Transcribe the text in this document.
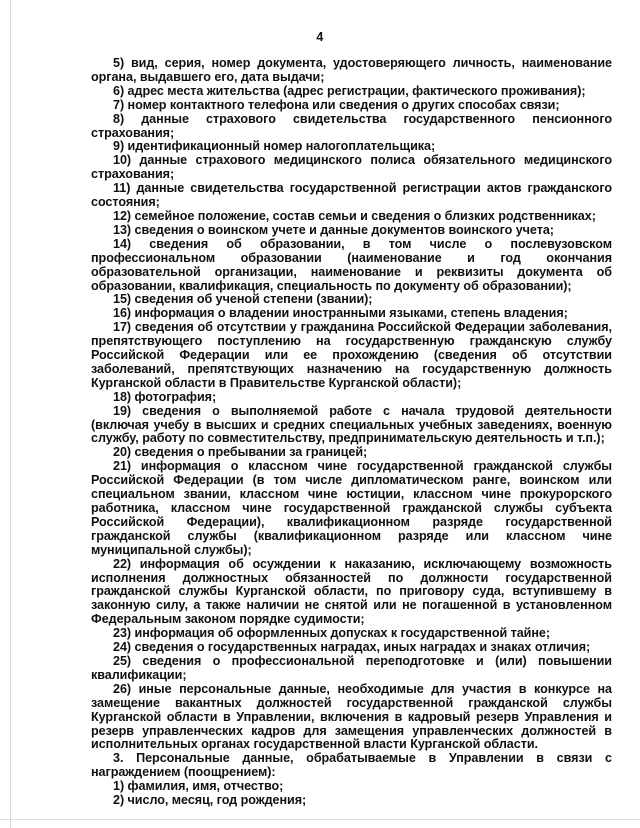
4

5) вид, серия, номер документа, удостоверяющего личность, наименование органа, выдавшего его, дата выдачи;

6) адрес места жительства (адрес регистрации, фактического проживания);

7) номер контактного телефона или сведения о других способах связи;

8) данные страхового свидетельства государственного пенсионного страхования;

9) идентификационный номер налогоплательщика;

10) данные страхового медицинского полиса обязательного медицинского страхования;

11) данные свидетельства государственной регистрации актов гражданского состояния;

12) семейное положение, состав семьи и сведения о близких родственниках;

13) сведения о воинском учете и данные документов воинского учета;

14) сведения об образовании, в том числе о послевузовском профессиональном образовании (наименование и год окончания образовательной организации, наименование и реквизиты документа об образовании, квалификация, специальность по документу об образовании);

15) сведения об ученой степени (звании);

16) информация о владении иностранными языками, степень владения;

17) сведения об отсутствии у гражданина Российской Федерации заболевания, препятствующего поступлению на государственную гражданскую службу Российской Федерации или ее прохождению (сведения об отсутствии заболеваний, препятствующих назначению на государственную должность Курганской области в Правительстве Курганской области);

18) фотография;

19) сведения о выполняемой работе с начала трудовой деятельности (включая учебу в высших и средних специальных учебных заведениях, военную службу, работу по совместительству, предпринимательскую деятельность и т.п.);

20) сведения о пребывании за границей;

21) информация о классном чине государственной гражданской службы Российской Федерации (в том числе дипломатическом ранге, воинском или специальном звании, классном чине юстиции, классном чине прокурорского работника, классном чине государственной гражданской службы субъекта Российской Федерации), квалификационном разряде государственной гражданской службы (квалификационном разряде или классном чине муниципальной службы);

22) информация об осуждении к наказанию, исключающему возможность исполнения должностных обязанностей по должности государственной гражданской службы Курганской области, по приговору суда, вступившему в законную силу, а также наличии не снятой или не погашенной в установленном Федеральным законом порядке судимости;

23) информация об оформленных допусках к государственной тайне;

24) сведения о государственных наградах, иных наградах и знаках отличия;

25) сведения о профессиональной переподготовке и (или) повышении квалификации;

26) иные персональные данные, необходимые для участия в конкурсе на замещение вакантных должностей государственной гражданской службы Курганской области в Управлении, включения в кадровый резерв Управления и резерв управленческих кадров для замещения управленческих должностей в исполнительных органах государственной власти Курганской области.

3. Персональные данные, обрабатываемые в Управлении в связи с награждением (поощрением):

1) фамилия, имя, отчество;

2) число, месяц, год рождения;
